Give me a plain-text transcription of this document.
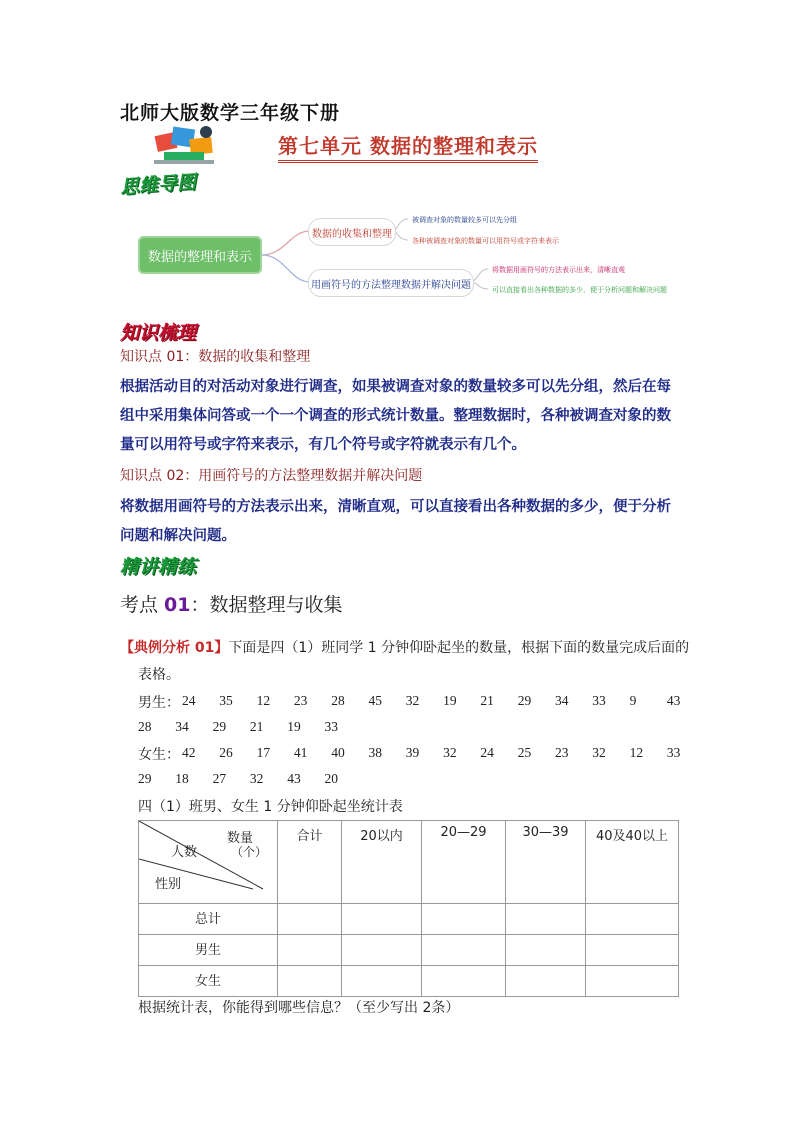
北师大版数学三年级下册
第七单元 数据的整理和表示
思维导图
数据的整理和表示
数据的收集和整理
用画符号的方法整理数据并解决问题
被调查对象的数量较多可以先分组
各种被调查对象的数量可以用符号或字符来表示
将数据用画符号的方法表示出来，清晰直观
可以直接看出各种数据的多少，便于分析问题和解决问题
知识梳理
知识点 01：数据的收集和整理
根据活动目的对活动对象进行调查，如果被调查对象的数量较多可以先分组，然后在每组中采用集体问答或一个一个调查的形式统计数量。整理数据时，各种被调查对象的数量可以用符号或字符来表示，有几个符号或字符就表示有几个。
知识点 02：用画符号的方法整理数据并解决问题
将数据用画符号的方法表示出来，清晰直观，可以直接看出各种数据的多少，便于分析问题和解决问题。
精讲精练
考点 01：数据整理与收集
【典例分析 01】下面是四（1）班同学 1 分钟仰卧起坐的数量，根据下面的数量完成后面的
表格。
男生： 24 35 12 23 28 45 32 19 21 29 34 33 9 43
28 34 29 21 19 33
女生： 42 26 17 41 40 38 39 32 24 25 23 32 12 33
29 18 27 32 43 20
四（1）班男、女生 1 分钟仰卧起坐统计表
数量
（个）
人数
性别	合计	20以内	20—29	30—39	40及40以上
总计					
男生					
女生					
根据统计表，你能得到哪些信息？（至少写出 2条）
